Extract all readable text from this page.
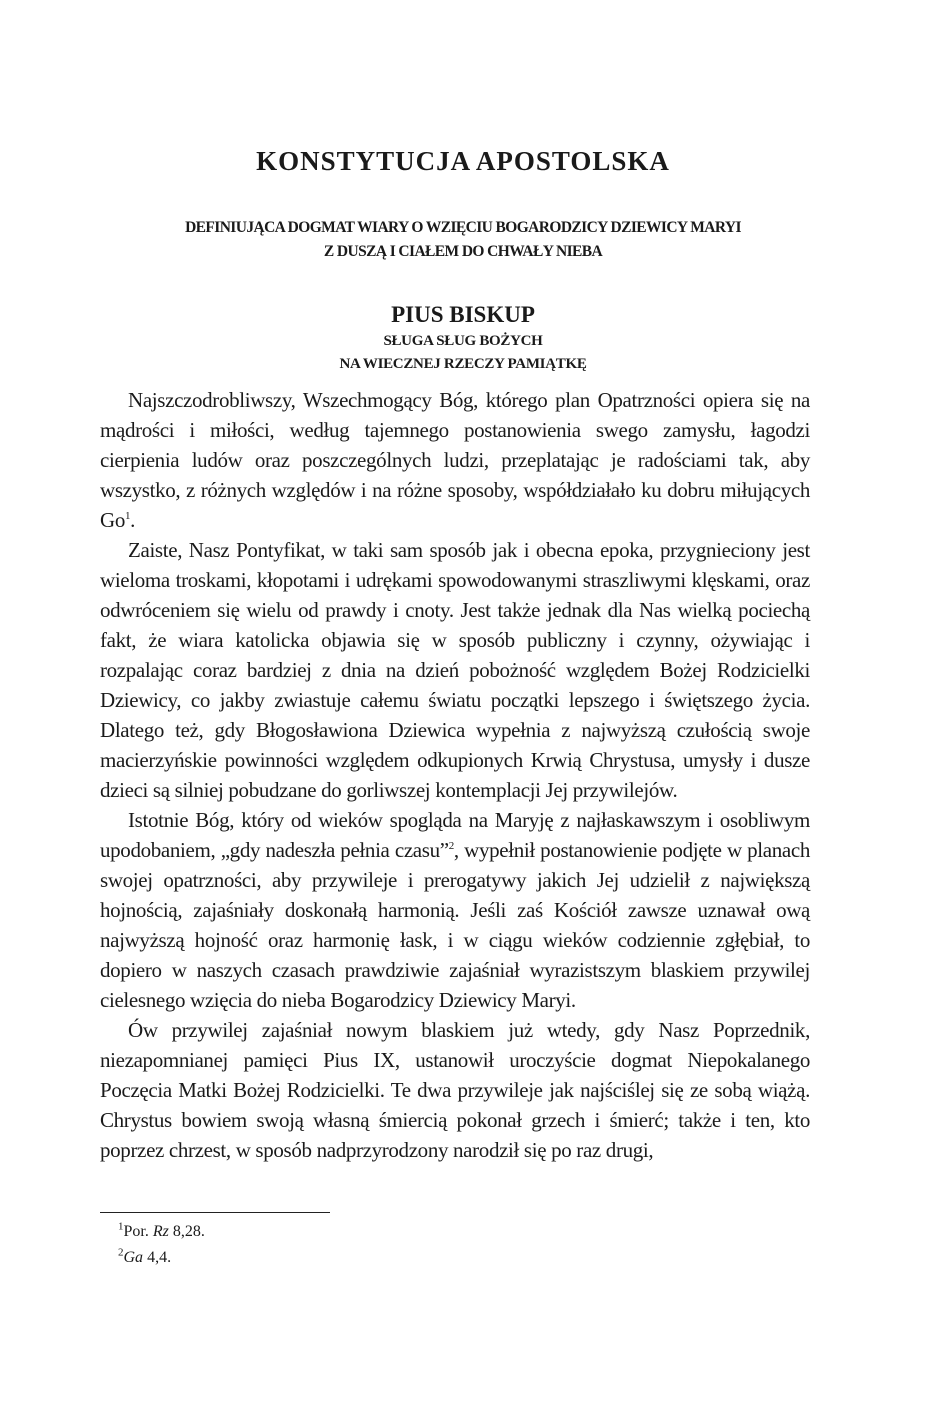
KONSTYTUCJA APOSTOLSKA
DEFINIUJĄCA DOGMAT WIARY O WZIĘCIU BOGARODZICY DZIEWICY MARYI
Z DUSZĄ I CIAŁEM DO CHWAŁY NIEBA
PIUS BISKUP
SŁUGA SŁUG BOŻYCH
NA WIECZNEJ RZECZY PAMIĄTKĘ

Najszczodrobliwszy, Wszechmogący Bóg, którego plan Opatrzności opiera się na mądrości i miłości, według tajemnego postanowienia swego zamysłu, łagodzi cierpienia ludów oraz poszczególnych ludzi, przeplatając je radościami tak, aby wszystko, z różnych względów i na różne sposoby, współdziałało ku dobru miłujących Go$^1$.

Zaiste, Nasz Pontyfikat, w taki sam sposób jak i obecna epoka, przygnieciony jest wieloma troskami, kłopotami i udrękami spowodowanymi straszliwymi klęskami, oraz odwróceniem się wielu od prawdy i cnoty. Jest także jednak dla Nas wielką pociechą fakt, że wiara katolicka objawia się w sposób publiczny i czynny, ożywiając i rozpalając coraz bardziej z dnia na dzień pobożność względem Bożej Rodzicielki Dziewicy, co jakby zwiastuje całemu światu początki lepszego i świętszego życia. Dlatego też, gdy Błogosławiona Dziewica wypełnia z najwyższą czułością swoje macierzyńskie powinności względem odkupionych Krwią Chrystusa, umysły i dusze dzieci są silniej pobudzane do gorliwszej kontemplacji Jej przywilejów.

Istotnie Bóg, który od wieków spogląda na Maryję z najłaskawszym i osobliwym upodobaniem, „gdy nadeszła pełnia czasu”$^2$, wypełnił postanowienie podjęte w planach swojej opatrzności, aby przywileje i prerogatywy jakich Jej udzielił z największą hojnością, zajaśniały doskonałą harmonią. Jeśli zaś Kościół zawsze uznawał ową najwyższą hojność oraz harmonię łask, i w ciągu wieków codziennie zgłębiał, to dopiero w naszych czasach prawdziwie zajaśniał wyrazistszym blaskiem przywilej cielesnego wzięcia do nieba Bogarodzicy Dziewicy Maryi.

Ów przywilej zajaśniał nowym blaskiem już wtedy, gdy Nasz Poprzednik, niezapomnianej pamięci Pius IX, ustanowił uroczyście dogmat Niepokalanego Poczęcia Matki Bożej Rodzicielki. Te dwa przywileje jak najściślej się ze sobą wiążą. Chrystus bowiem swoją własną śmiercią pokonał grzech i śmierć; także i ten, kto poprzez chrzest, w sposób nadprzyrodzony narodził się po raz drugi,

$^1$Por. Rz 8,28.
$^2$Ga 4,4.
